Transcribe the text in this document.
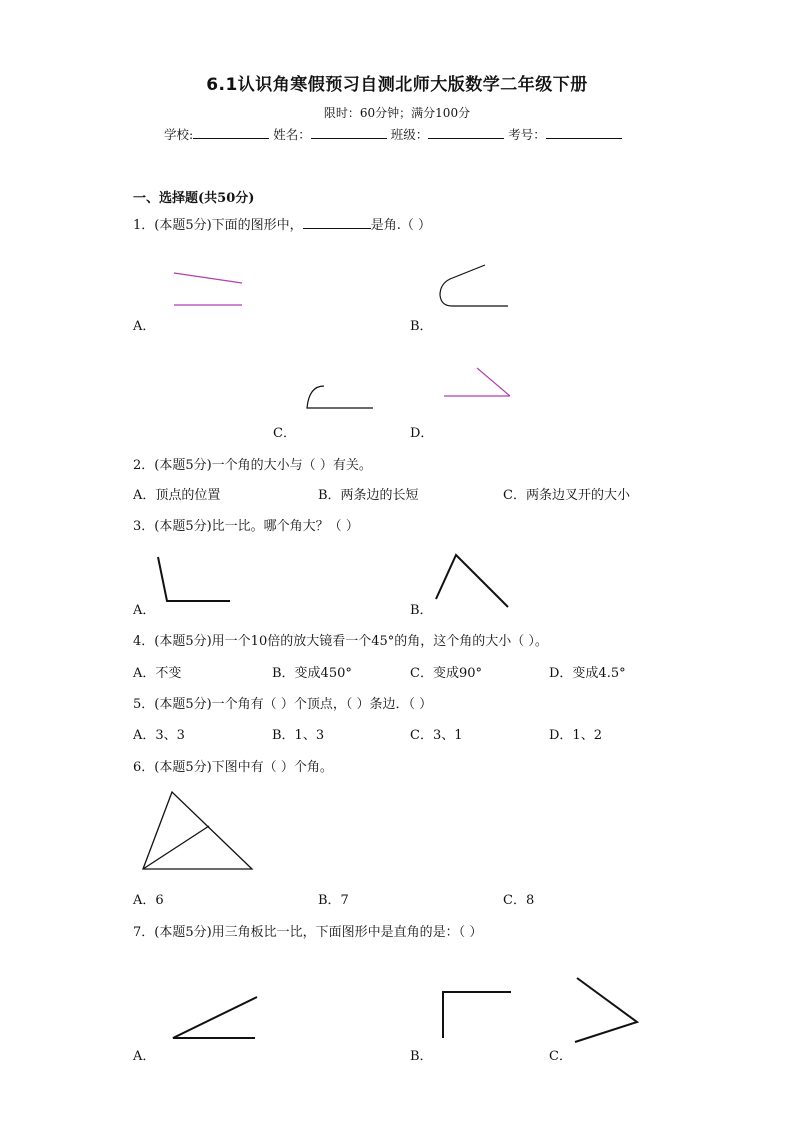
6.1认识角寒假预习自测北师大版数学二年级下册
限时：60分钟；满分100分
学校:	姓名：	班级：	考号：
一、选择题(共50分)
1．(本题5分)下面的图形中，	是角.（ ）
A．	B．
C．	D．
2．(本题5分)一个角的大小与（ ）有关。
A．顶点的位置	B．两条边的长短	C．两条边叉开的大小
3．(本题5分)比一比。哪个角大？（ ）
A．	B．
4．(本题5分)用一个10倍的放大镜看一个45°的角，这个角的大小（ ）。
A．不变	B．变成450°	C．变成90°	D．变成4.5°
5．(本题5分)一个角有（ ）个顶点，（ ）条边．（ ）
A．3、3	B．1、3	C．3、1	D．1、2
6．(本题5分)下图中有（ ）个角。
A．6	B．7	C．8
7．(本题5分)用三角板比一比，下面图形中是直角的是：（ ）
A．	B．	C．
